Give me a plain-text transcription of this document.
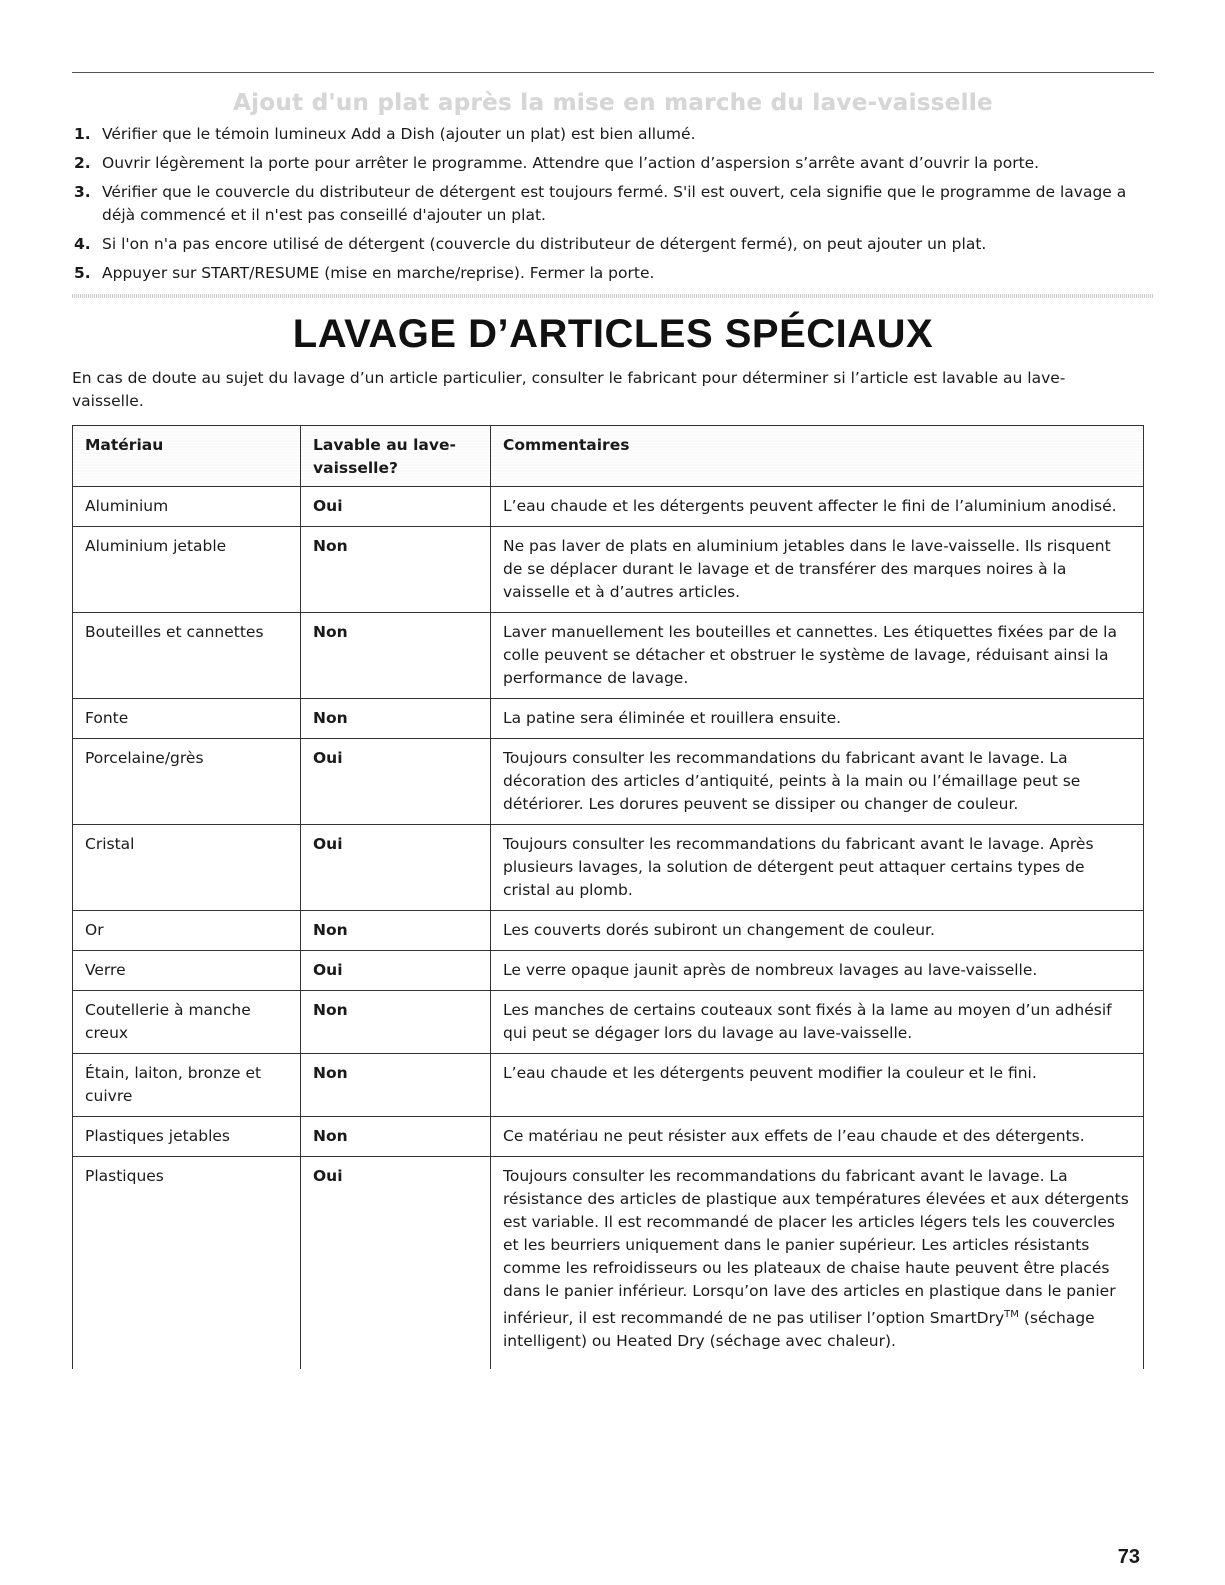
Ajout d'un plat après la mise en marche du lave-vaisselle
1. Vérifier que le témoin lumineux Add a Dish (ajouter un plat) est bien allumé.
2. Ouvrir légèrement la porte pour arrêter le programme. Attendre que l’action d’aspersion s’arrête avant d’ouvrir la porte.
3. Vérifier que le couvercle du distributeur de détergent est toujours fermé. S'il est ouvert, cela signifie que le programme de lavage a déjà commencé et il n'est pas conseillé d'ajouter un plat.
4. Si l'on n'a pas encore utilisé de détergent (couvercle du distributeur de détergent fermé), on peut ajouter un plat.
5. Appuyer sur START/RESUME (mise en marche/reprise). Fermer la porte.
LAVAGE D’ARTICLES SPÉCIAUX
En cas de doute au sujet du lavage d’un article particulier, consulter le fabricant pour déterminer si l’article est lavable au lave-vaisselle.
Matériau	Lavable au lave-vaisselle?	Commentaires
Aluminium	Oui	L’eau chaude et les détergents peuvent affecter le fini de l’aluminium anodisé.
Aluminium jetable	Non	Ne pas laver de plats en aluminium jetables dans le lave-vaisselle. Ils risquent de se déplacer durant le lavage et de transférer des marques noires à la vaisselle et à d’autres articles.
Bouteilles et cannettes	Non	Laver manuellement les bouteilles et cannettes. Les étiquettes fixées par de la colle peuvent se détacher et obstruer le système de lavage, réduisant ainsi la performance de lavage.
Fonte	Non	La patine sera éliminée et rouillera ensuite.
Porcelaine/grès	Oui	Toujours consulter les recommandations du fabricant avant le lavage. La décoration des articles d’antiquité, peints à la main ou l’émaillage peut se détériorer. Les dorures peuvent se dissiper ou changer de couleur.
Cristal	Oui	Toujours consulter les recommandations du fabricant avant le lavage. Après plusieurs lavages, la solution de détergent peut attaquer certains types de cristal au plomb.
Or	Non	Les couverts dorés subiront un changement de couleur.
Verre	Oui	Le verre opaque jaunit après de nombreux lavages au lave-vaisselle.
Coutellerie à manche creux	Non	Les manches de certains couteaux sont fixés à la lame au moyen d’un adhésif qui peut se dégager lors du lavage au lave-vaisselle.
Étain, laiton, bronze et cuivre	Non	L’eau chaude et les détergents peuvent modifier la couleur et le fini.
Plastiques jetables	Non	Ce matériau ne peut résister aux effets de l’eau chaude et des détergents.
Plastiques	Oui	Toujours consulter les recommandations du fabricant avant le lavage. La résistance des articles de plastique aux températures élevées et aux détergents est variable. Il est recommandé de placer les articles légers tels les couvercles et les beurriers uniquement dans le panier supérieur. Les articles résistants comme les refroidisseurs ou les plateaux de chaise haute peuvent être placés dans le panier inférieur. Lorsqu’on lave des articles en plastique dans le panier inférieur, il est recommandé de ne pas utiliser l’option SmartDry™ (séchage intelligent) ou Heated Dry (séchage avec chaleur).
73
